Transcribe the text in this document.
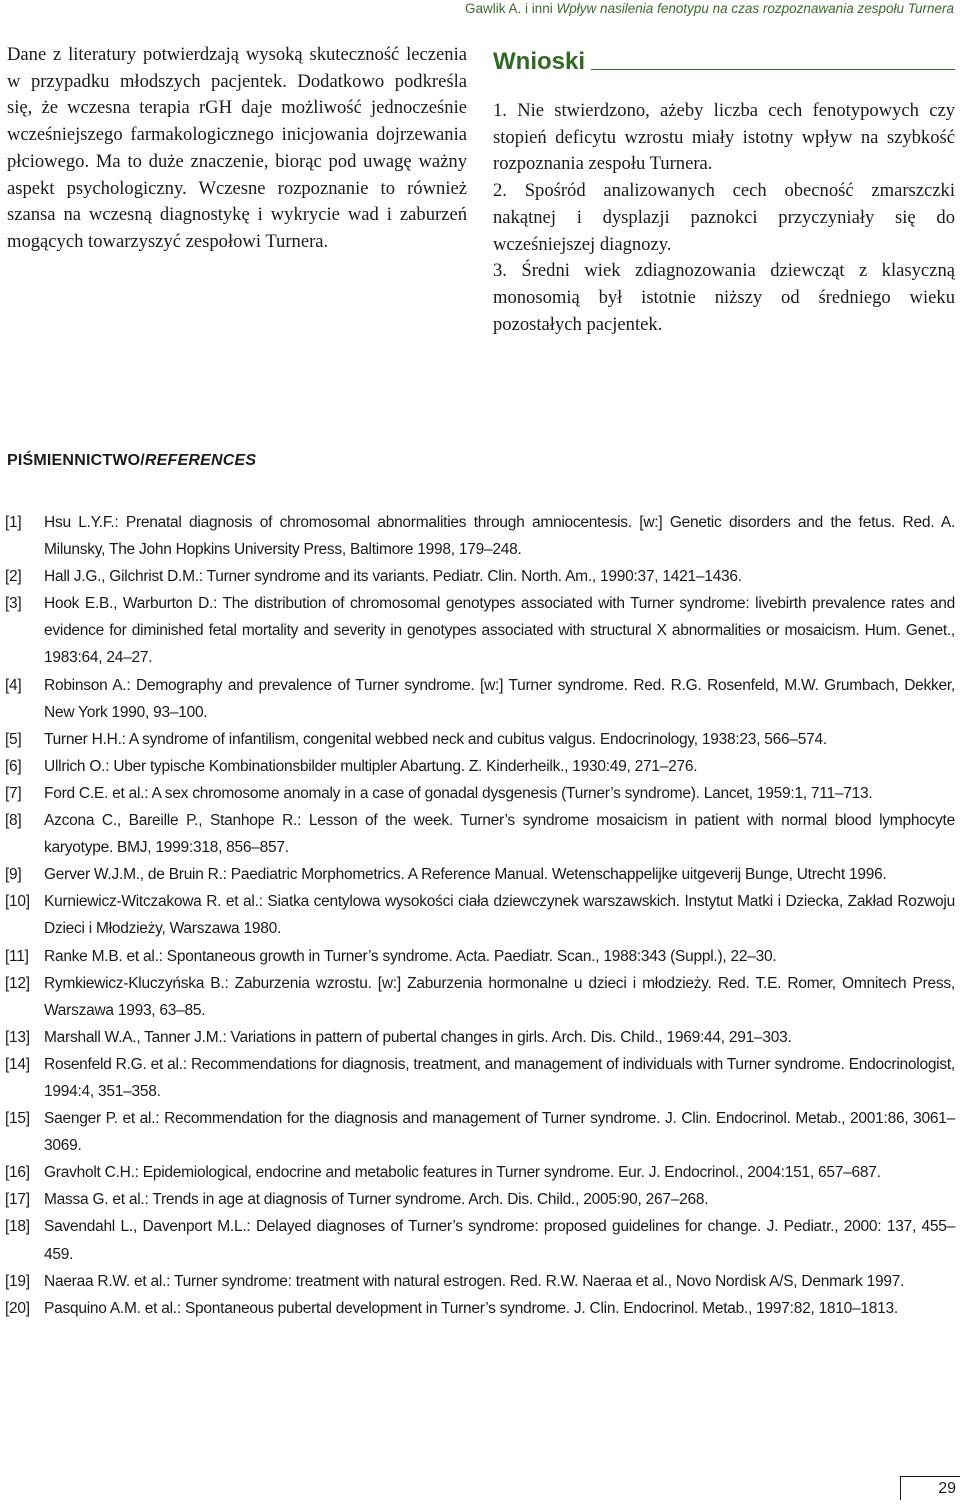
Gawlik A. i inni Wpływ nasilenia fenotypu na czas rozpoznawania zespołu Turnera

Dane z literatury potwierdzają wysoką skuteczność leczenia w przypadku młodszych pacjentek. Dodatkowo podkreśla się, że wczesna terapia rGH daje możliwość jednocześnie wcześniejszego farmakologicznego inicjowania dojrzewania płciowego. Ma to duże znaczenie, biorąc pod uwagę ważny aspekt psychologiczny. Wczesne rozpoznanie to również szansa na wczesną diagnostykę i wykrycie wad i zaburzeń mogących towarzyszyć zespołowi Turnera.

Wnioski
1. Nie stwierdzono, ażeby liczba cech fenotypowych czy stopień deficytu wzrostu miały istotny wpływ na szybkość rozpoznania zespołu Turnera.
2. Spośród analizowanych cech obecność zmarszczki nakątnej i dysplazji paznokci przyczyniały się do wcześniejszej diagnozy.
3. Średni wiek zdiagnozowania dziewcząt z klasyczną monosomią był istotnie niższy od średniego wieku pozostałych pacjentek.
PIŚMIENNICTWO/REFERENCES
[1]	Hsu L.Y.F.: Prenatal diagnosis of chromosomal abnormalities through amniocentesis. [w:] Genetic disorders and the fetus. Red. A. Milunsky, The John Hopkins University Press, Baltimore 1998, 179–248.
[2]	Hall J.G., Gilchrist D.M.: Turner syndrome and its variants. Pediatr. Clin. North. Am., 1990:37, 1421–1436.
[3]	Hook E.B., Warburton D.: The distribution of chromosomal genotypes associated with Turner syndrome: livebirth prevalence rates and evidence for diminished fetal mortality and severity in genotypes associated with structural X abnormalities or mosaicism. Hum. Genet., 1983:64, 24–27.
[4]	Robinson A.: Demography and prevalence of Turner syndrome. [w:] Turner syndrome. Red. R.G. Rosenfeld, M.W. Grumbach, Dekker, New York 1990, 93–100.
[5]	Turner H.H.: A syndrome of infantilism, congenital webbed neck and cubitus valgus. Endocrinology, 1938:23, 566–574.
[6]	Ullrich O.: Uber typische Kombinationsbilder multipler Abartung. Z. Kinderheilk., 1930:49, 271–276.
[7]	Ford C.E. et al.: A sex chromosome anomaly in a case of gonadal dysgenesis (Turner’s syndrome). Lancet, 1959:1, 711–713.
[8]	Azcona C., Bareille P., Stanhope R.: Lesson of the week. Turner’s syndrome mosaicism in patient with normal blood lymphocyte karyotype. BMJ, 1999:318, 856–857.
[9]	Gerver W.J.M., de Bruin R.: Paediatric Morphometrics. A Reference Manual. Wetenschappelijke uitgeverij Bunge, Utrecht 1996.
[10] Kurniewicz-Witczakowa R. et al.: Siatka centylowa wysokości ciała dziewczynek warszawskich. Instytut Matki i Dziecka, Zakład Rozwoju Dzieci i Młodzieży, Warszawa 1980.
[11] Ranke M.B. et al.: Spontaneous growth in Turner’s syndrome. Acta. Paediatr. Scan., 1988:343 (Suppl.), 22–30.
[12] Rymkiewicz-Kluczyńska B.: Zaburzenia wzrostu. [w:] Zaburzenia hormonalne u dzieci i młodzieży. Red. T.E. Romer, Omnitech Press, Warszawa 1993, 63–85.
[13] Marshall W.A., Tanner J.M.: Variations in pattern of pubertal changes in girls. Arch. Dis. Child., 1969:44, 291–303.
[14] Rosenfeld R.G. et al.: Recommendations for diagnosis, treatment, and management of individuals with Turner syndrome. Endocrinologist, 1994:4, 351–358.
[15] Saenger P. et al.: Recommendation for the diagnosis and management of Turner syndrome. J. Clin. Endocrinol. Metab., 2001:86, 3061–3069.
[16] Gravholt C.H.: Epidemiological, endocrine and metabolic features in Turner syndrome. Eur. J. Endocrinol., 2004:151, 657–687.
[17] Massa G. et al.: Trends in age at diagnosis of Turner syndrome. Arch. Dis. Child., 2005:90, 267–268.
[18] Savendahl L., Davenport M.L.: Delayed diagnoses of Turner’s syndrome: proposed guidelines for change. J. Pediatr., 2000: 137, 455–459.
[19] Naeraa R.W. et al.: Turner syndrome: treatment with natural estrogen. Red. R.W. Naeraa et al., Novo Nordisk A/S, Denmark 1997.
[20] Pasquino A.M. et al.: Spontaneous pubertal development in Turner’s syndrome. J. Clin. Endocrinol. Metab., 1997:82, 1810–1813.
29
